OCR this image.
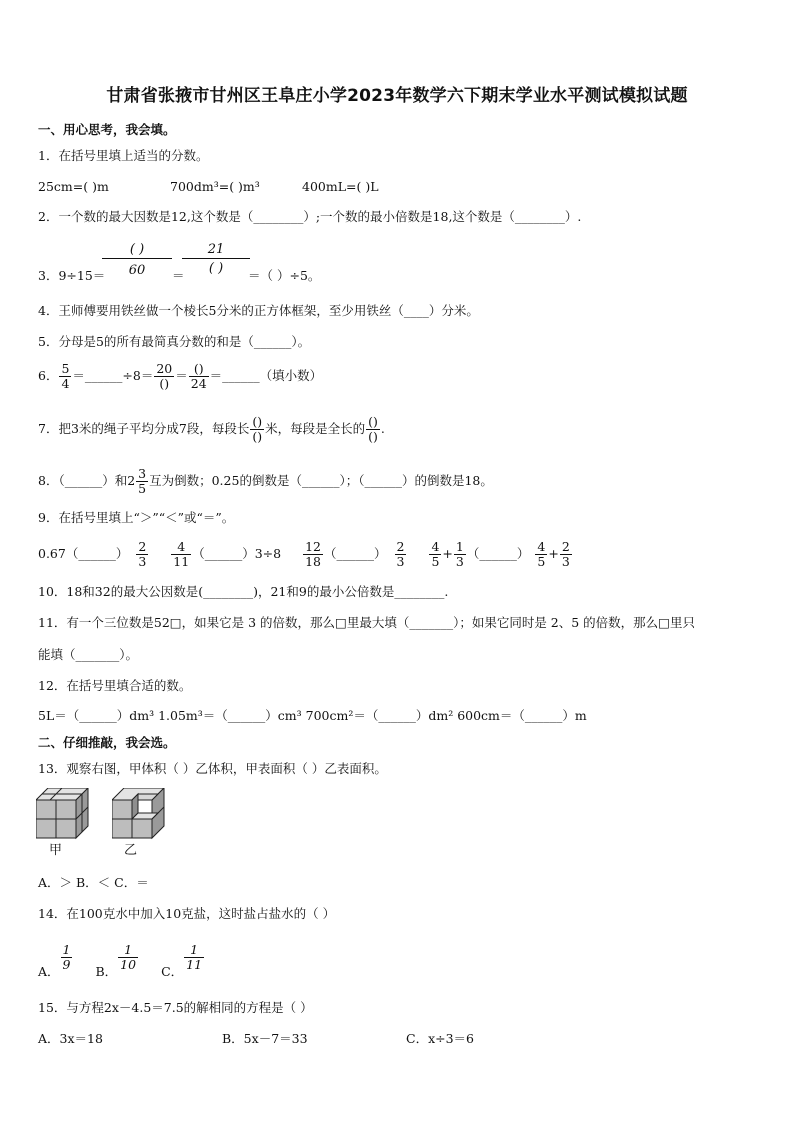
甘肃省张掖市甘州区王阜庄小学2023年数学六下期末学业水平测试模拟试题
一、用心思考，我会填。
1．在括号里填上适当的分数。
25cm=( )m	700dm³=( )m³	400mL=( )L
2．一个数的最大因数是12,这个数是（________）;一个数的最小倍数是18,这个数是（________）.
3．9÷15＝
( )
60	＝
21
( )	＝（ ）÷5。
4．王师傅要用铁丝做一个棱长5分米的正方体框架，至少用铁丝（____）分米。
5．分母是5的所有最简真分数的和是（______）。
6． 5
4 ＝______÷8＝ 20
() ＝ ()
24 ＝______（填小数）
7．把3米的绳子平均分成7段，每段长 ()
() 米，每段是全长的 ()
() .
8．（______）和2 3
5 互为倒数；0.25的倒数是（______）；（______）的倒数是18。
9．在括号里填上“＞”“＜”或“＝”。
0.67（______） 2
3
4
11 （______）3÷8 12
18 （______） 2
3
4
$5 + \frac{1}{3}$ （______） 4
$5 + \frac{2}{3}$
10．18和32的最大公因数是(________)，21和9的最小公倍数是________.
11．有一个三位数是52□，如果它是 3 的倍数，那么□里最大填（_______）；如果它同时是 2、5 的倍数，那么□里只
能填（_______）。
12．在括号里填合适的数。
5L＝（______）dm³ 1.05m³＝（______）cm³ 700cm²＝（______）dm² 600cm＝（______）m
二、仔细推敲，我会选。
13．观察右图，甲体积（ ）乙体积，甲表面积（ ）乙表面积。
甲	乙
A．＞ B．＜ C．＝
14．在100克水中加入10克盐，这时盐占盐水的（ ）
A．
1
9 B．
1
10 C．
1
11
15．与方程2x－4.5＝7.5的解相同的方程是（ ）
A．3x＝18	B．5x－7＝33	C．x÷3＝6
